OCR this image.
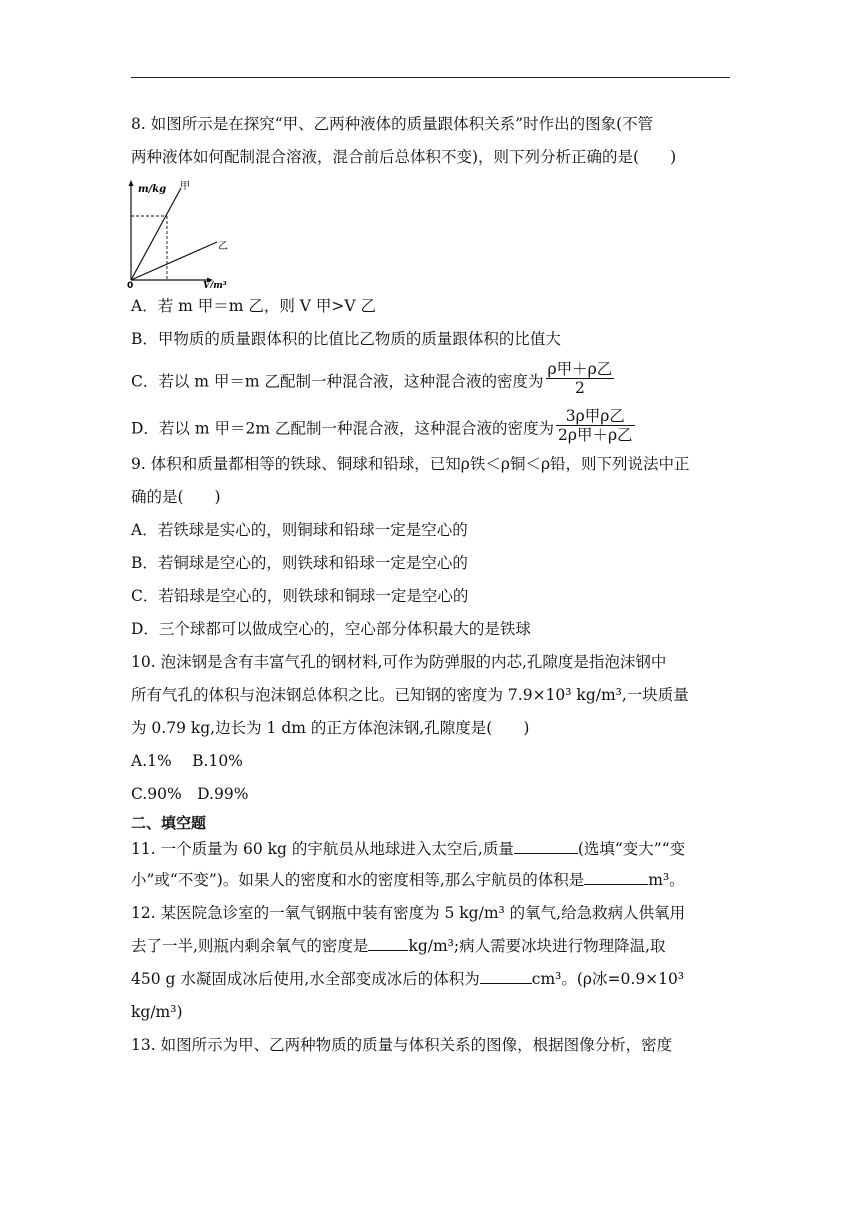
8. 如图所示是在探究“甲、乙两种液体的质量跟体积关系”时作出的图象(不管

两种液体如何配制混合溶液，混合前后总体积不变)，则下列分析正确的是(　　)

m/kg 甲
乙
0	V/m³

A．若 m 甲＝m 乙，则 V 甲>V 乙

B．甲物质的质量跟体积的比值比乙物质的质量跟体积的比值大

C．若以 m 甲＝m 乙配制一种混合液，这种混合液的密度为 $\frac{\text{ρ甲＋ρ乙}}{2}$

D．若以 m 甲＝2m 乙配制一种混合液，这种混合液的密度为 $\frac{\text{3ρ甲ρ乙}}{\text{2ρ甲＋ρ乙}}$

9. 体积和质量都相等的铁球、铜球和铅球，已知ρ铁＜ρ铜＜ρ铅，则下列说法中正

确的是(　　)

A．若铁球是实心的，则铜球和铅球一定是空心的

B．若铜球是空心的，则铁球和铅球一定是空心的

C．若铅球是空心的，则铁球和铜球一定是空心的

D．三个球都可以做成空心的，空心部分体积最大的是铁球

10. 泡沫钢是含有丰富气孔的钢材料,可作为防弹服的内芯,孔隙度是指泡沫钢中

所有气孔的体积与泡沫钢总体积之比。已知钢的密度为 7.9×10³ kg/m³,一块质量

为 0.79 kg,边长为 1 dm 的正方体泡沫钢,孔隙度是(　　)

A.1%　 B.10%

C.90%　D.99%

二、填空题

11. 一个质量为 60 kg 的宇航员从地球进入太空后,质量	(选填“变大”“变

小”或“不变”)。如果人的密度和水的密度相等,那么宇航员的体积是	m³。

12. 某医院急诊室的一氧气钢瓶中装有密度为 5 kg/m³ 的氧气,给急救病人供氧用

去了一半,则瓶内剩余氧气的密度是	kg/m³;病人需要冰块进行物理降温,取

450 g 水凝固成冰后使用,水全部变成冰后的体积为	cm³。(ρ冰=0.9×10³

kg/m³)

13. 如图所示为甲、乙两种物质的质量与体积关系的图像，根据图像分析，密度
